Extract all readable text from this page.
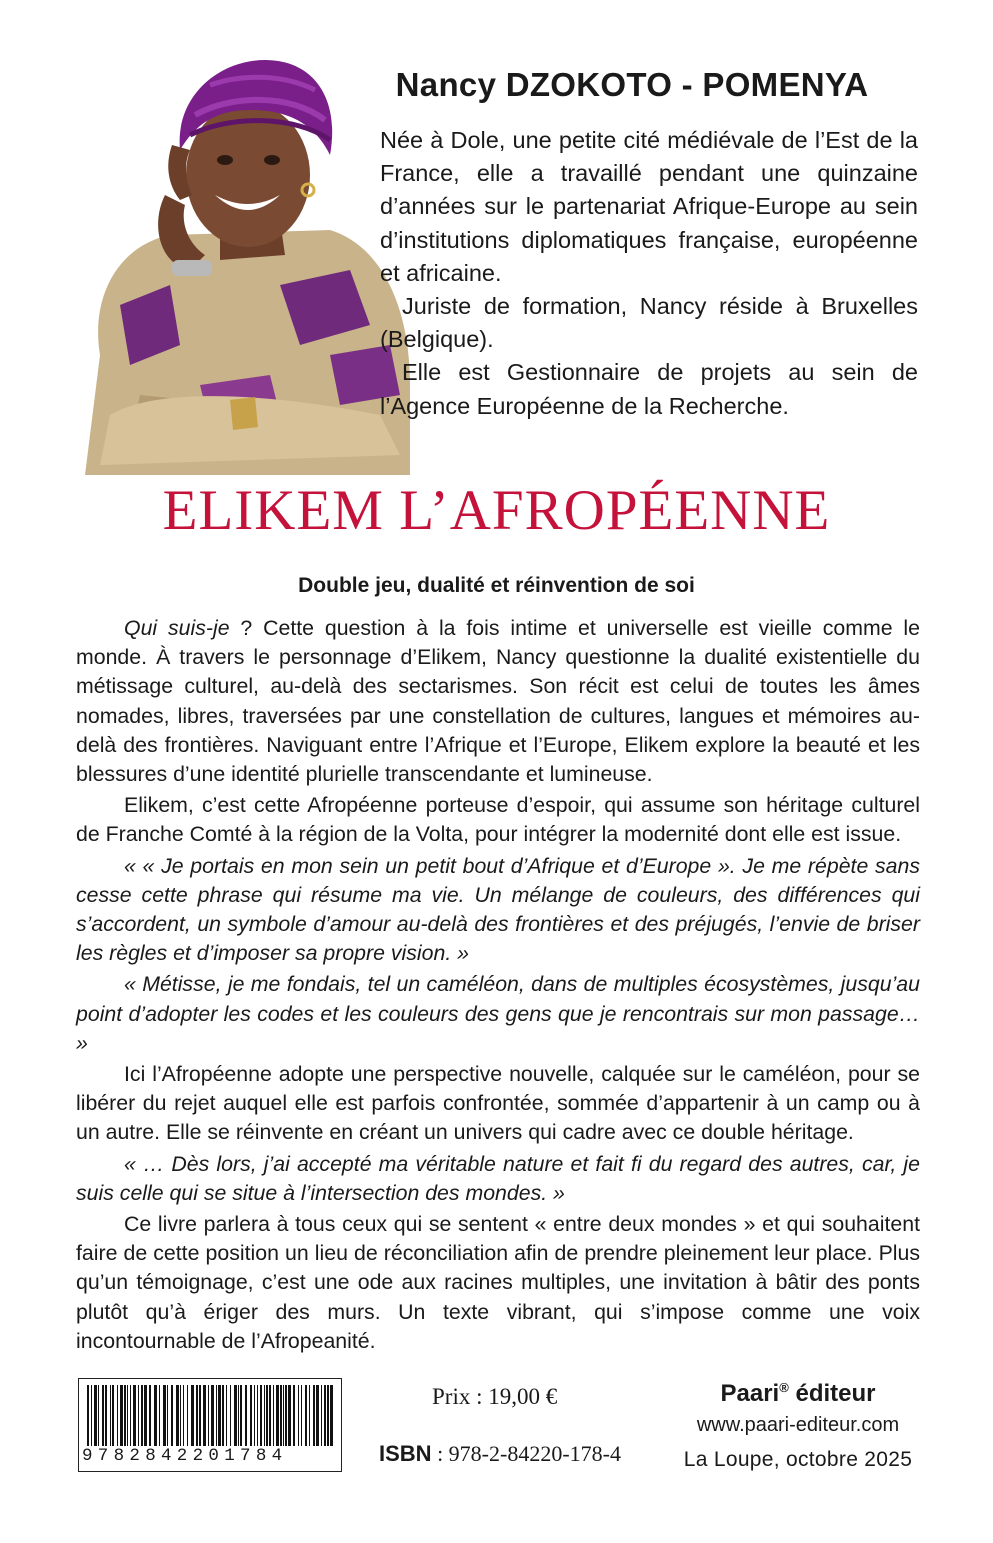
Nancy DZOKOTO - POMENYA

Née à Dole, une petite cité médiévale de l’Est de la France, elle a travaillé pendant une quinzaine d’années sur le partenariat Afrique-Europe au sein d’institutions diplomatiques française, européenne et africaine.

Juriste de formation, Nancy réside à Bruxelles (Belgique).

Elle est Gestionnaire de projets au sein de l’Agence Européenne de la Recherche.

ELIKEM L’AFROPÉENNE
Double jeu, dualité et réinvention de soi

Qui suis-je ? Cette question à la fois intime et universelle est vieille comme le monde. À travers le personnage d’Elikem, Nancy questionne la dualité existentielle du métissage culturel, au-delà des sectarismes. Son récit est celui de toutes les âmes nomades, libres, traversées par une constellation de cultures, langues et mémoires au-delà des frontières. Naviguant entre l’Afrique et l’Europe, Elikem explore la beauté et les blessures d’une identité plurielle transcendante et lumineuse.

Elikem, c’est cette Afropéenne porteuse d’espoir, qui assume son héritage culturel de Franche Comté à la région de la Volta, pour intégrer la modernité dont elle est issue.

« « Je portais en mon sein un petit bout d’Afrique et d’Europe ». Je me répète sans cesse cette phrase qui résume ma vie. Un mélange de couleurs, des différences qui s’accordent, un symbole d’amour au-delà des frontières et des préjugés, l’envie de briser les règles et d’imposer sa propre vision. »

« Métisse, je me fondais, tel un caméléon, dans de multiples écosystèmes, jusqu’au point d’adopter les codes et les couleurs des gens que je rencontrais sur mon passage… »

Ici l’Afropéenne adopte une perspective nouvelle, calquée sur le caméléon, pour se libérer du rejet auquel elle est parfois confrontée, sommée d’appartenir à un camp ou à un autre. Elle se réinvente en créant un univers qui cadre avec ce double héritage.

« … Dès lors, j’ai accepté ma véritable nature et fait fi du regard des autres, car, je suis celle qui se situe à l’intersection des mondes. »

Ce livre parlera à tous ceux qui se sentent « entre deux mondes » et qui souhaitent faire de cette position un lieu de réconciliation afin de prendre pleinement leur place. Plus qu’un témoignage, c’est une ode aux racines multiples, une invitation à bâtir des ponts plutôt qu’à ériger des murs. Un texte vibrant, qui s’impose comme une voix incontournable de l’Afropeanité.

9782842201784
Prix : 19,00 €
ISBN : 978-2-84220-178-4
Paari® éditeur
www.paari-editeur.com
La Loupe, octobre 2025
